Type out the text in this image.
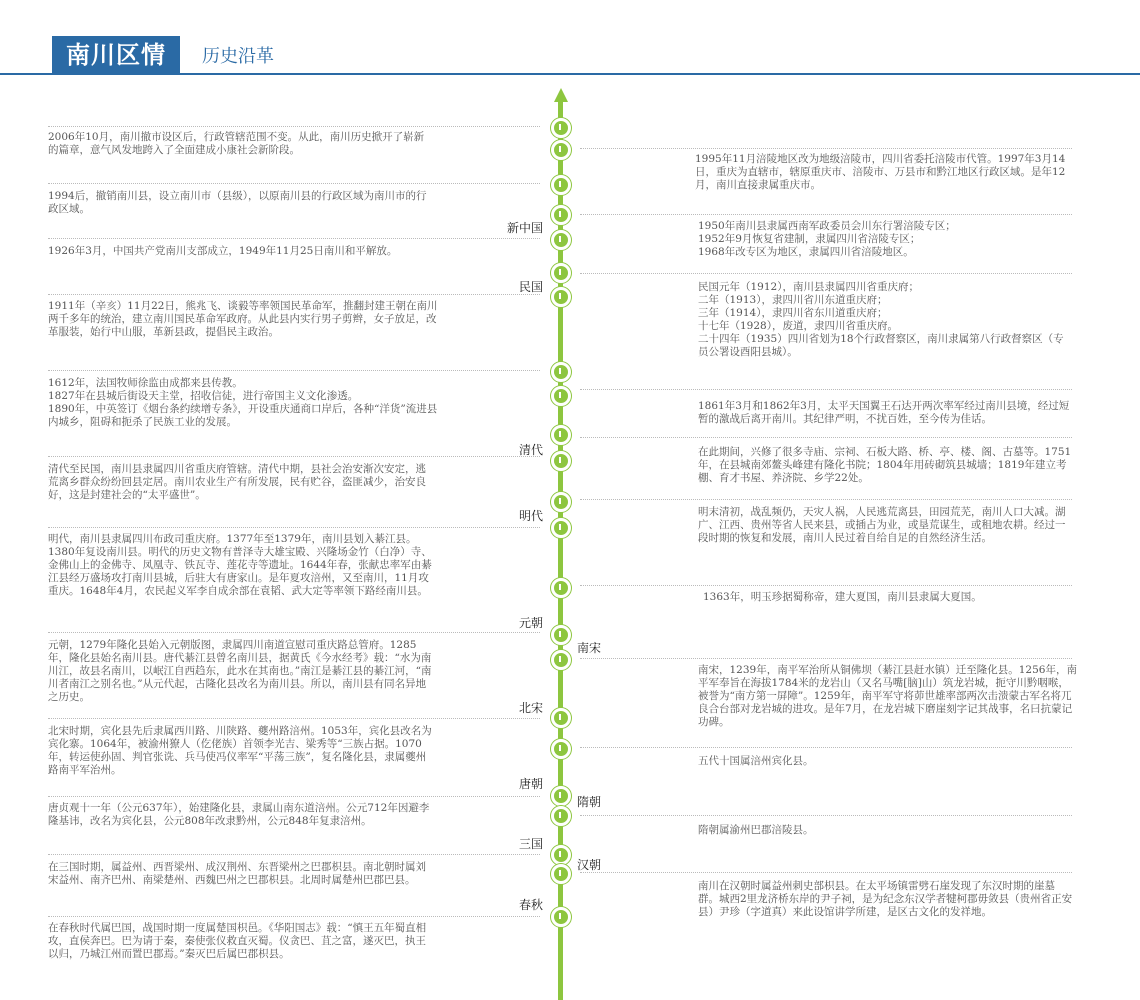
南川区情	历史沿革
2006年10月，南川撤市设区后，行政管辖范围不变。从此，南川历史掀开了崭新的篇章，意气风发地跨入了全面建成小康社会新阶段。
1994后，撤销南川县，设立南川市（县级），以原南川县的行政区域为南川市的行政区域。
1926年3月，中国共产党南川支部成立，1949年11月25日南川和平解放。
1911年（辛亥）11月22日，熊兆飞、谈毅等率领国民革命军，推翻封建王朝在南川两千多年的统治，建立南川国民革命军政府。从此县内实行男子剪辫，女子放足，改革服装，始行中山服，革新县政，提倡民主政治。
1612年，法国牧师徐监由成都来县传教。
1827年在县城后街设天主堂，招收信徒，进行帝国主义文化渗透。
1890年，中英签订《烟台条约续增专条》，开设重庆通商口岸后，各种“洋货”流进县内城乡，阻碍和扼杀了民族工业的发展。
清代至民国，南川县隶属四川省重庆府管辖。清代中期，县社会治安渐次安定，逃荒离乡群众纷纷回县定居。南川农业生产有所发展，民有贮谷，盗匪减少，治安良好，这是封建社会的“太平盛世”。
明代，南川县隶属四川布政司重庆府。1377年至1379年，南川县划入綦江县。1380年复设南川县。明代的历史文物有普泽寺大雄宝殿、兴隆场金竹（白净）寺、金佛山上的金佛寺、凤凰寺、铁瓦寺、莲花寺等遗址。1644年春，张献忠率军由綦江县经万盛场攻打南川县城，后驻大有唐家山。是年夏攻涪州，又至南川，11月攻重庆。1648年4月，农民起义军李自成余部在袁韬、武大定等率领下路经南川县。
元朝，1279年隆化县始入元朝版图，隶属四川南道宣慰司重庆路总管府。1285年，隆化县始名南川县。唐代綦江县曾名南川县，据黄氏《今水经考》载：“水为南川江，故县名南川，以岷江自西趋东，此水在其南也。”南江是綦江县的綦江河，“南川者南江之别名也。”从元代起，古隆化县改名为南川县。所以，南川县有同名异地之历史。
北宋时期，宾化县先后隶属西川路、川陕路、夔州路涪州。1053年，宾化县改名为宾化寨。1064年，被渝州獠人（仡佬族）首领李光吉、梁秀等“三族占据。1070年，转运使孙固、判官张诜、兵马使冯仪率军“平荡三族”，复名隆化县，隶属夔州路南平军治州。
唐贞观十一年（公元637年），始建隆化县，隶属山南东道涪州。公元712年因避李隆基讳，改名为宾化县，公元808年改隶黔州，公元848年复隶涪州。
在三国时期，属益州、西晋梁州、成汉荆州、东晋梁州之巴郡枳县。南北朝时属刘宋益州、南齐巴州、南梁楚州、西魏巴州之巴郡枳县。北周时属楚州巴郡巴县。
在春秋时代属巴国，战国时期一度属楚国枳邑。《华阳国志》载：“慎王五年蜀直相攻，直侯奔巴。巴为请于秦，秦使张仪救直灭蜀。仪贪巴、苴之富，遂灭巴，执王以归，乃城江州而置巴郡焉。”秦灭巴后属巴郡枳县。
1995年11月涪陵地区改为地级涪陵市，四川省委托涪陵市代管。1997年3月14日，重庆为直辖市，辖原重庆市、涪陵市、万县市和黔江地区行政区域。是年12月，南川直接隶属重庆市。
1950年南川县隶属西南军政委员会川东行署涪陵专区；
1952年9月恢复省建制，隶属四川省涪陵专区；
1968年改专区为地区，隶属四川省涪陵地区。
民国元年（1912），南川县隶属四川省重庆府；
二年（1913），隶四川省川东道重庆府；
三年（1914），隶四川省东川道重庆府；
十七年（1928），废道，隶四川省重庆府。
二十四年（1935）四川省划为18个行政督察区，南川隶属第八行政督察区（专员公署设酉阳县城）。
1861年3月和1862年3月，太平天国翼王石达开两次率军经过南川县境，经过短暂的激战后离开南川。其纪律严明，不扰百姓，至今传为佳话。
在此期间，兴修了很多寺庙、宗祠、石板大路、桥、亭、楼、阁、古墓等。1751年，在县城南郊鳌头峰建有隆化书院；1804年用砖砌筑县城墙；1819年建立考棚、育才书屋、养济院、乡学22处。
明末清初，战乱频仍，天灾人祸，人民逃荒离县，田园荒芜，南川人口大减。湖广、江西、贵州等省人民来县，或插占为业，或垦荒谋生，或租地农耕。经过一段时期的恢复和发展，南川人民过着自给自足的自然经济生活。
1363年，明玉珍据蜀称帝，建大夏国，南川县隶属大夏国。
南宋，1239年，南平军治所从铜佛坝（綦江县赶水镇）迁至隆化县。1256年，南平军奉旨在海拔1784米的龙岩山（又名马嘴[脑]山）筑龙岩城，扼守川黔咽喉，被誉为“南方第一屏障”。1259年，南平军守将茆世雄率部两次击溃蒙古军名将兀良合台部对龙岩城的进攻。是年7月，在龙岩城下磨崖刻字记其战事，名曰抗蒙记功碑。
五代十国属涪州宾化县。
隋朝属渝州巴郡涪陵县。
南川在汉朝时属益州刺史部枳县。在太平场镇雷劈石崖发现了东汉时期的崖墓群。城西2里龙济桥东岸的尹子祠，是为纪念东汉学者犍柯郡毋敛县（贵州省正安县）尹珍（字道真）来此设馆讲学所建，是区古文化的发祥地。
新中国
民国
清代
明代
元朝
北宋
唐朝
三国
春秋
南宋
隋朝
汉朝
